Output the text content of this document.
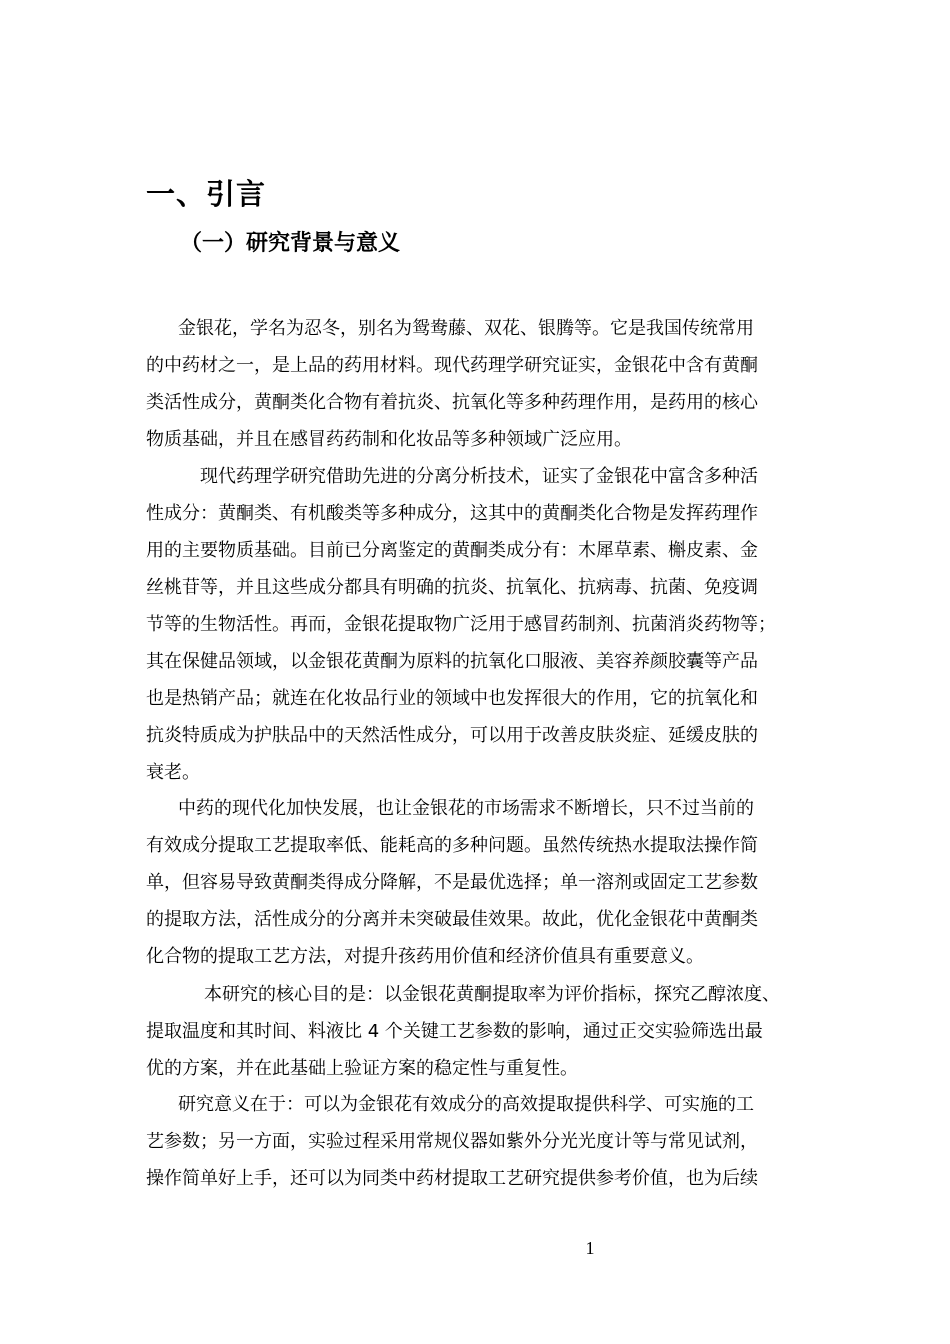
一、引言
（一）研究背景与意义
金银花，学名为忍冬，别名为鸳鸯藤、双花、银腾等。它是我国传统常用
的中药材之一，是上品的药用材料。现代药理学研究证实，金银花中含有黄酮
类活性成分，黄酮类化合物有着抗炎、抗氧化等多种药理作用，是药用的核心
物质基础，并且在感冒药药制和化妆品等多种领域广泛应用。
现代药理学研究借助先进的分离分析技术，证实了金银花中富含多种活
性成分：黄酮类、有机酸类等多种成分，这其中的黄酮类化合物是发挥药理作
用的主要物质基础。目前已分离鉴定的黄酮类成分有：木犀草素、槲皮素、金
丝桃苷等，并且这些成分都具有明确的抗炎、抗氧化、抗病毒、抗菌、免疫调
节等的生物活性。再而，金银花提取物广泛用于感冒药制剂、抗菌消炎药物等；
其在保健品领域，以金银花黄酮为原料的抗氧化口服液、美容养颜胶囊等产品
也是热销产品；就连在化妆品行业的领域中也发挥很大的作用，它的抗氧化和
抗炎特质成为护肤品中的天然活性成分，可以用于改善皮肤炎症、延缓皮肤的
衰老。
中药的现代化加快发展，也让金银花的市场需求不断增长，只不过当前的
有效成分提取工艺提取率低、能耗高的多种问题。虽然传统热水提取法操作简
单，但容易导致黄酮类得成分降解，不是最优选择；单一溶剂或固定工艺参数
的提取方法，活性成分的分离并未突破最佳效果。故此，优化金银花中黄酮类
化合物的提取工艺方法，对提升孩药用价值和经济价值具有重要意义。
本研究的核心目的是：以金银花黄酮提取率为评价指标，探究乙醇浓度、
提取温度和其时间、料液比 4 个关键工艺参数的影响，通过正交实验筛选出最
优的方案，并在此基础上验证方案的稳定性与重复性。
研究意义在于：可以为金银花有效成分的高效提取提供科学、可实施的工
艺参数；另一方面，实验过程采用常规仪器如紫外分光光度计等与常见试剂，
操作简单好上手，还可以为同类中药材提取工艺研究提供参考价值，也为后续
1
